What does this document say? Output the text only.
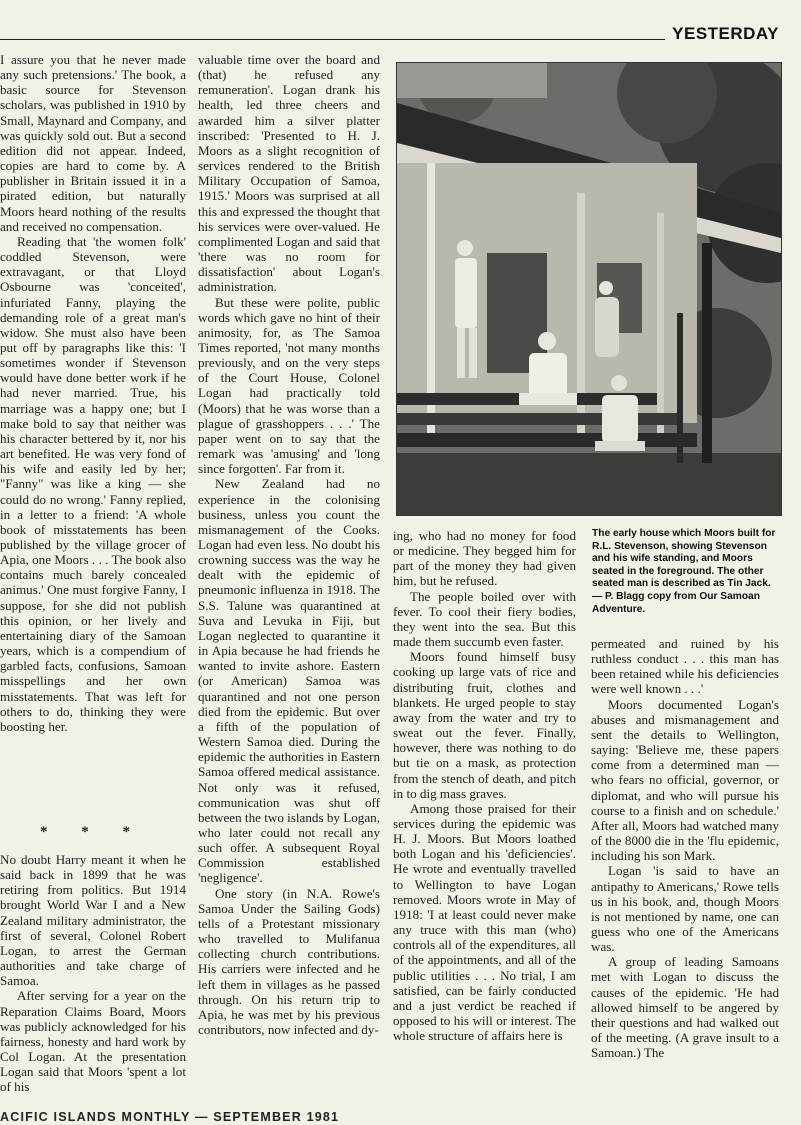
YESTERDAY

I assure you that he never made any such pretensions.' The book, a basic source for Stevenson scholars, was published in 1910 by Small, Maynard and Company, and was quickly sold out. But a second edition did not appear. Indeed, copies are hard to come by. A publisher in Britain issued it in a pirated edition, but naturally Moors heard nothing of the results and received no compensation.

Reading that 'the women folk' coddled Stevenson, were extravagant, or that Lloyd Osbourne was 'conceited', infuriated Fanny, playing the demanding role of a great man's widow. She must also have been put off by paragraphs like this: 'I sometimes wonder if Stevenson would have done better work if he had never married. True, his marriage was a happy one; but I make bold to say that neither was his character bettered by it, nor his art benefited. He was very fond of his wife and easily led by her; "Fanny" was like a king — she could do no wrong.' Fanny replied, in a letter to a friend: 'A whole book of misstatements has been published by the village grocer of Apia, one Moors . . . The book also contains much barely concealed animus.' One must forgive Fanny, I suppose, for she did not publish this opinion, or her lively and entertaining diary of the Samoan years, which is a compendium of garbled facts, confusions, Samoan misspellings and her own misstatements. That was left for others to do, thinking they were boosting her.

* * *

No doubt Harry meant it when he said back in 1899 that he was retiring from politics. But 1914 brought World War I and a New Zealand military administrator, the first of several, Colonel Robert Logan, to arrest the German authorities and take charge of Samoa.

After serving for a year on the Reparation Claims Board, Moors was publicly acknowledged for his fairness, honesty and hard work by Col Logan. At the presentation Logan said that Moors 'spent a lot of his

valuable time over the board and (that) he refused any remuneration'. Logan drank his health, led three cheers and awarded him a silver platter inscribed: 'Presented to H. J. Moors as a slight recognition of services rendered to the British Military Occupation of Samoa, 1915.' Moors was surprised at all this and expressed the thought that his services were over-valued. He complimented Logan and said that 'there was no room for dissatisfaction' about Logan's administration.

But these were polite, public words which gave no hint of their animosity, for, as The Samoa Times reported, 'not many months previously, and on the very steps of the Court House, Colonel Logan had practically told (Moors) that he was worse than a plague of grasshoppers . . .' The paper went on to say that the remark was 'amusing' and 'long since forgotten'. Far from it.

New Zealand had no experience in the colonising business, unless you count the mismanagement of the Cooks. Logan had even less. No doubt his crowning success was the way he dealt with the epidemic of pneumonic influenza in 1918. The S.S. Talune was quarantined at Suva and Levuka in Fiji, but Logan neglected to quarantine it in Apia because he had friends he wanted to invite ashore. Eastern (or American) Samoa was quarantined and not one person died from the epidemic. But over a fifth of the population of Western Samoa died. During the epidemic the authorities in Eastern Samoa offered medical assistance. Not only was it refused, communication was shut off between the two islands by Logan, who later could not recall any such offer. A subsequent Royal Commission established 'negligence'.

One story (in N.A. Rowe's Samoa Under the Sailing Gods) tells of a Protestant missionary who travelled to Mulifanua collecting church contributions. His carriers were infected and he left them in villages as he passed through. On his return trip to Apia, he was met by his previous contributors, now infected and dy-

The early house which Moors built for R.L. Stevenson, showing Stevenson and his wife standing, and Moors seated in the foreground. The other seated man is described as Tin Jack. — P. Blagg copy from Our Samoan Adventure.

ing, who had no money for food or medicine. They begged him for part of the money they had given him, but he refused.

The people boiled over with fever. To cool their fiery bodies, they went into the sea. But this made them succumb even faster.

Moors found himself busy cooking up large vats of rice and distributing fruit, clothes and blankets. He urged people to stay away from the water and try to sweat out the fever. Finally, however, there was nothing to do but tie on a mask, as protection from the stench of death, and pitch in to dig mass graves.

Among those praised for their services during the epidemic was H. J. Moors. But Moors loathed both Logan and his 'deficiencies'. He wrote and eventually travelled to Wellington to have Logan removed. Moors wrote in May of 1918: 'I at least could never make any truce with this man (who) controls all of the expenditures, all of the appointments, and all of the public utilities . . . No trial, I am satisfied, can be fairly conducted and a just verdict be reached if opposed to his will or interest. The whole structure of affairs here is

permeated and ruined by his ruthless conduct . . . this man has been retained while his deficiencies were well known . . .'

Moors documented Logan's abuses and mismanagement and sent the details to Wellington, saying: 'Believe me, these papers come from a determined man — who fears no official, governor, or diplomat, and who will pursue his course to a finish and on schedule.' After all, Moors had watched many of the 8000 die in the 'flu epidemic, including his son Mark.

Logan 'is said to have an antipathy to Americans,' Rowe tells us in his book, and, though Moors is not mentioned by name, one can guess who one of the Americans was.

A group of leading Samoans met with Logan to discuss the causes of the epidemic. 'He had allowed himself to be angered by their questions and had walked out of the meeting. (A grave insult to a Samoan.) The

ACIFIC ISLANDS MONTHLY — SEPTEMBER 1981
